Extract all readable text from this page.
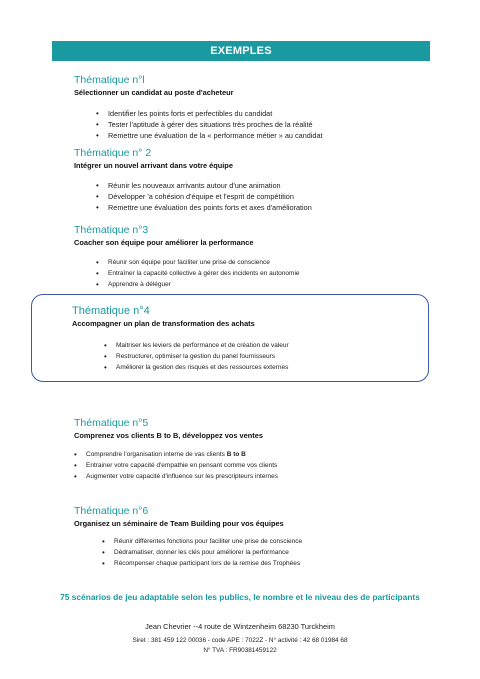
EXEMPLES

Thématique n°l

Sélectionner un candidat au poste d'acheteur

• Identifier les points forts et perfectibles du candidat
• Tester l'aptitude à gérer des situations très proches de la réalité
• Remettre une évaluation de la « performance métier » au candidat

Thématique n° 2

Intégrer un nouvel arrivant dans votre équipe

• Réunir les nouveaux arrivants autour d'une animation
• Développer 'a cohésion d'équipe et l'esprit de compétition
• Remettre une évaluation des points forts et axes d'amélioration

Thématique n°3

Coacher son équipe pour améliorer la performance

• Réunir son équipe pour faciliter une prise de conscience
• Entraîner la capacité collective à gérer des incidents en autonomie
• Apprendre à déléguer

Thématique n°4

Accompagner un plan de transformation des achats

• Maitriser les leviers de performance et de création de valeur
• Restructurer, optimiser la gestion du panel fournisseurs
• Améliorer la gestion des risques et des ressources externes

Thématique n°5

Comprenez vos clients B to B, développez vos ventes

• Comprendre l'organisation interne de vas clients B to B
• Entrainer votre capacité d'empathie en pensant comme vos clients
• Augmenter votre capacité d'influence sur les prescripteurs internes

Thématique n°6

Organisez un séminaire de Team Building pour vos équipes

• Réunir différentes fonctions pour faciliter une prise de conscience
• Dédramatiser, donner les clés pour améliorer la performance
• Récompenser chaque participant lors de la remise des Trophées
75 scénarios de jeu adaptable selon les publics, le nombre et le niveau des de participants
Jean Chevrier --4 route de Wintzenheim 68230 Turckheim
Siret : 381 459 122 00036 - code APE : 7022Z - N° activité : 42 68 01984 68
N° TVA : FR90381459122
